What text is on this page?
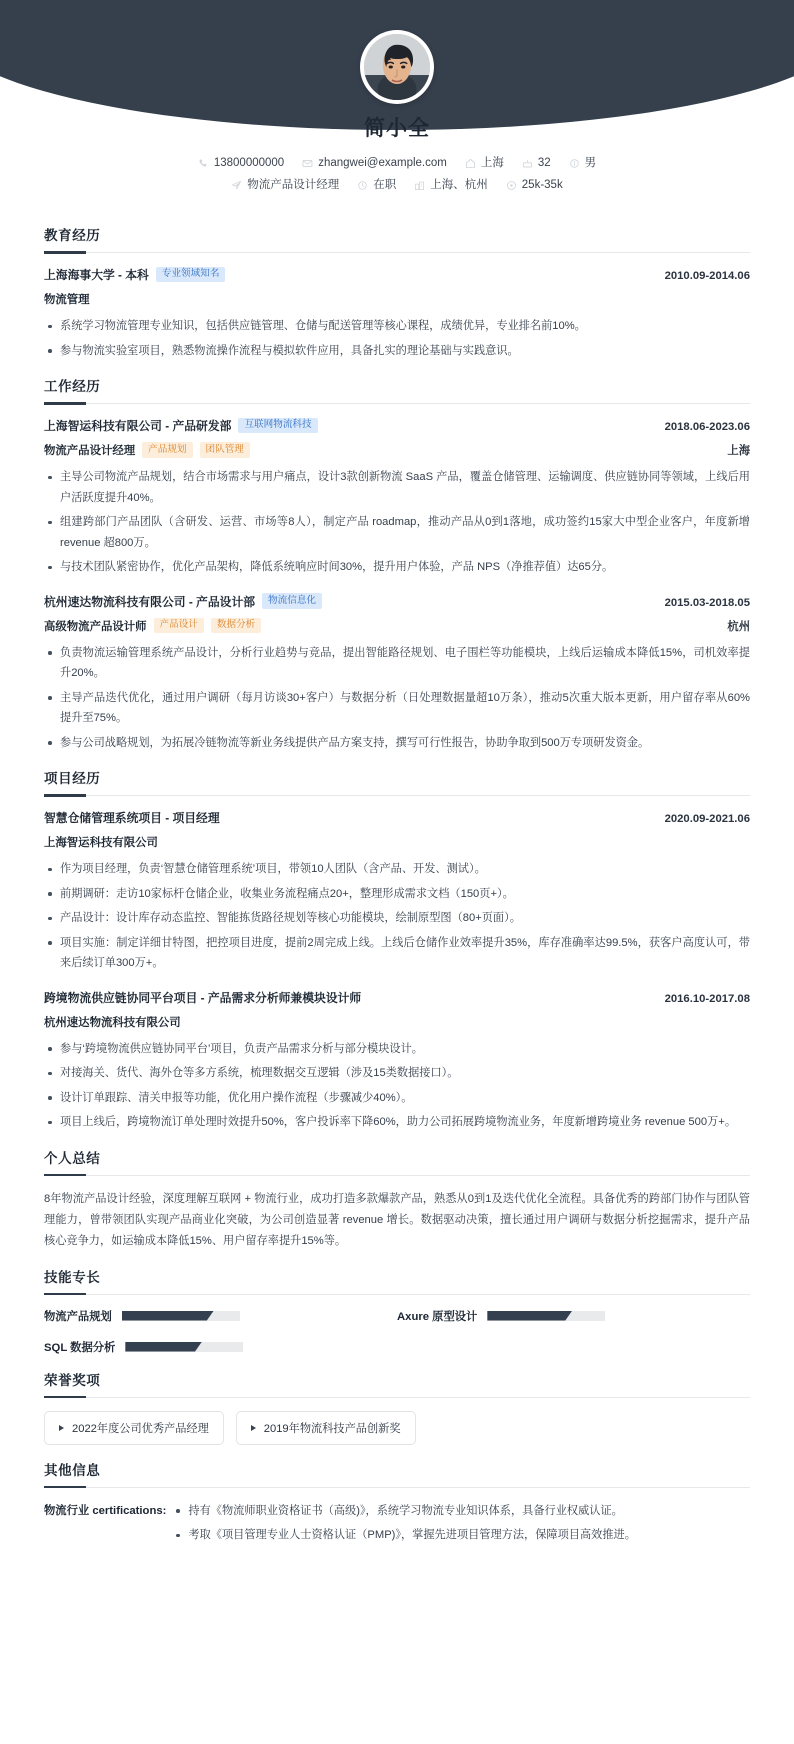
简小全
13800000000	zhangwei@example.com	上海	32	男
物流产品设计经理	在职	上海、杭州	25k-35k
教育经历
上海海事大学 - 本科	专业领域知名	2010.09-2014.06
物流管理
系统学习物流管理专业知识，包括供应链管理、仓储与配送管理等核心课程，成绩优异，专业排名前10%。
参与物流实验室项目，熟悉物流操作流程与模拟软件应用，具备扎实的理论基础与实践意识。
工作经历
上海智运科技有限公司 - 产品研发部	互联网物流科技	2018.06-2023.06
物流产品设计经理	产品规划	团队管理	上海
主导公司物流产品规划，结合市场需求与用户痛点，设计3款创新物流 SaaS 产品，覆盖仓储管理、运输调度、供应链协同等领域，上线后用户活跃度提升40%。
组建跨部门产品团队（含研发、运营、市场等8人），制定产品 roadmap，推动产品从0到1落地，成功签约15家大中型企业客户，年度新增 revenue 超800万。
与技术团队紧密协作，优化产品架构，降低系统响应时间30%，提升用户体验，产品 NPS（净推荐值）达65分。
杭州速达物流科技有限公司 - 产品设计部	物流信息化	2015.03-2018.05
高级物流产品设计师	产品设计	数据分析	杭州
负责物流运输管理系统产品设计，分析行业趋势与竞品，提出智能路径规划、电子围栏等功能模块，上线后运输成本降低15%，司机效率提升20%。
主导产品迭代优化，通过用户调研（每月访谈30+客户）与数据分析（日处理数据量超10万条），推动5次重大版本更新，用户留存率从60%提升至75%。
参与公司战略规划，为拓展冷链物流等新业务线提供产品方案支持，撰写可行性报告，协助争取到500万专项研发资金。
项目经历
智慧仓储管理系统项目 - 项目经理	2020.09-2021.06
上海智运科技有限公司
作为项目经理，负责‘智慧仓储管理系统’项目，带领10人团队（含产品、开发、测试）。
前期调研：走访10家标杆仓储企业，收集业务流程痛点20+，整理形成需求文档（150页+）。
产品设计：设计库存动态监控、智能拣货路径规划等核心功能模块，绘制原型图（80+页面）。
项目实施：制定详细甘特图，把控项目进度，提前2周完成上线。上线后仓储作业效率提升35%，库存准确率达99.5%，获客户高度认可，带来后续订单300万+。
跨境物流供应链协同平台项目 - 产品需求分析师兼模块设计师	2016.10-2017.08
杭州速达物流科技有限公司
参与‘跨境物流供应链协同平台’项目，负责产品需求分析与部分模块设计。
对接海关、货代、海外仓等多方系统，梳理数据交互逻辑（涉及15类数据接口）。
设计订单跟踪、清关申报等功能，优化用户操作流程（步骤减少40%）。
项目上线后，跨境物流订单处理时效提升50%，客户投诉率下降60%，助力公司拓展跨境物流业务，年度新增跨境业务 revenue 500万+。
个人总结

8年物流产品设计经验，深度理解互联网 + 物流行业，成功打造多款爆款产品，熟悉从0到1及迭代优化全流程。具备优秀的跨部门协作与团队管理能力，曾带领团队实现产品商业化突破，为公司创造显著 revenue 增长。数据驱动决策，擅长通过用户调研与数据分析挖掘需求，提升产品核心竞争力，如运输成本降低15%、用户留存率提升15%等。

技能专长
物流产品规划	Axure 原型设计
SQL 数据分析
荣誉奖项
2022年度公司优秀产品经理	2019年物流科技产品创新奖
其他信息
物流行业 certifications:	持有《物流师职业资格证书（高级)》，系统学习物流专业知识体系，具备行业权威认证。
考取《项目管理专业人士资格认证（PMP)》，掌握先进项目管理方法，保障项目高效推进。
